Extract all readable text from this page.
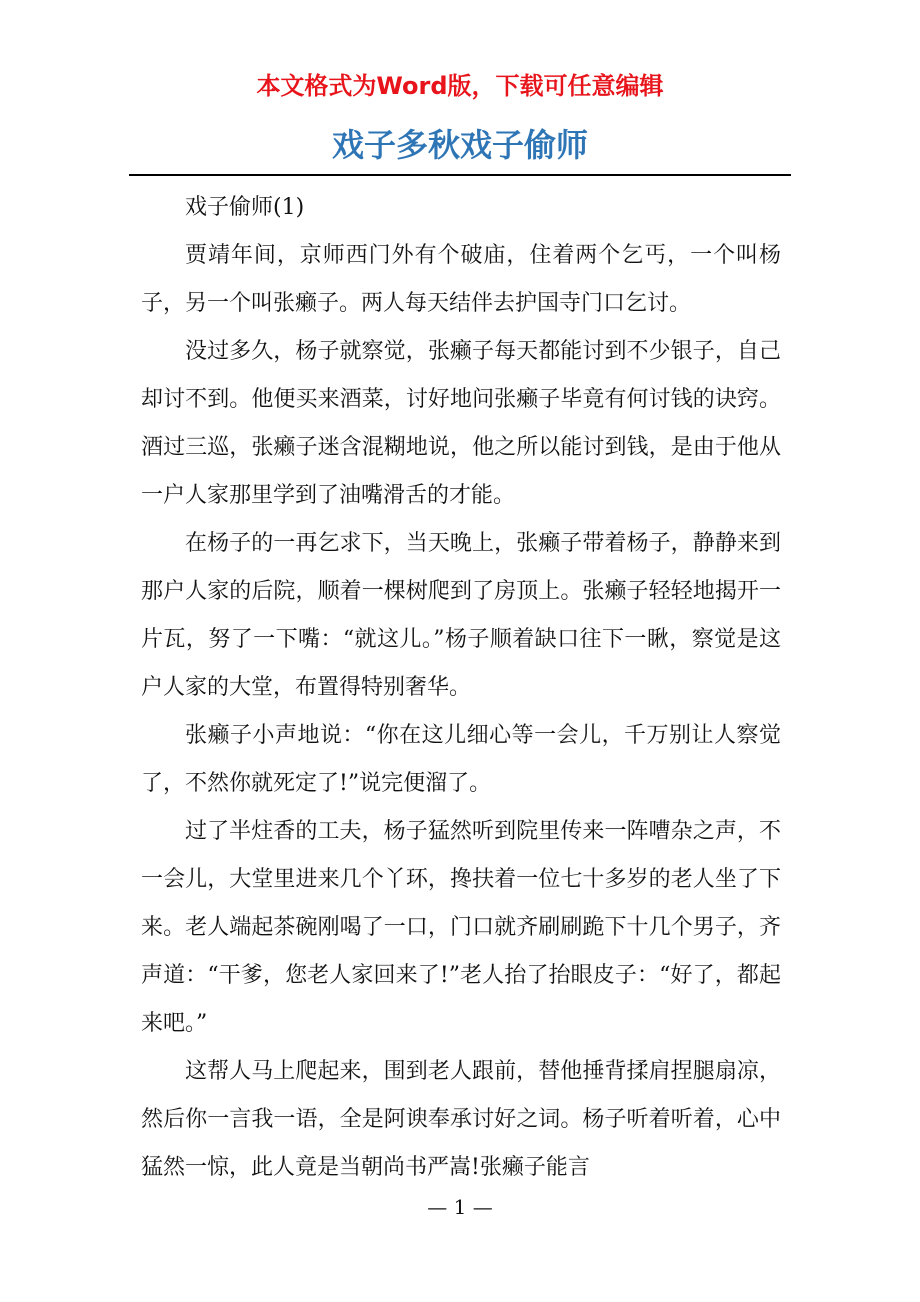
本文格式为Word版，下载可任意编辑
戏子多秋戏子偷师

戏子偷师(1)

贾靖年间，京师西门外有个破庙，住着两个乞丐，一个叫杨子，另一个叫张癞子。两人每天结伴去护国寺门口乞讨。

没过多久，杨子就察觉，张癞子每天都能讨到不少银子，自己却讨不到。他便买来酒菜，讨好地问张癞子毕竟有何讨钱的诀窍。酒过三巡，张癞子迷含混糊地说，他之所以能讨到钱，是由于他从一户人家那里学到了油嘴滑舌的才能。

在杨子的一再乞求下，当天晚上，张癞子带着杨子，静静来到那户人家的后院，顺着一棵树爬到了房顶上。张癞子轻轻地揭开一片瓦，努了一下嘴：“就这儿。”杨子顺着缺口往下一瞅，察觉是这户人家的大堂，布置得特别奢华。

张癞子小声地说：“你在这儿细心等一会儿，千万别让人察觉了，不然你就死定了!”说完便溜了。

过了半炷香的工夫，杨子猛然听到院里传来一阵嘈杂之声，不一会儿，大堂里进来几个丫环，搀扶着一位七十多岁的老人坐了下来。老人端起茶碗刚喝了一口，门口就齐刷刷跪下十几个男子，齐声道：“干爹，您老人家回来了!”老人抬了抬眼皮子：“好了，都起来吧。”

这帮人马上爬起来，围到老人跟前，替他捶背揉肩捏腿扇凉，然后你一言我一语，全是阿谀奉承讨好之词。杨子听着听着，心中猛然一惊，此人竟是当朝尚书严嵩!张癞子能言

— 1 —
